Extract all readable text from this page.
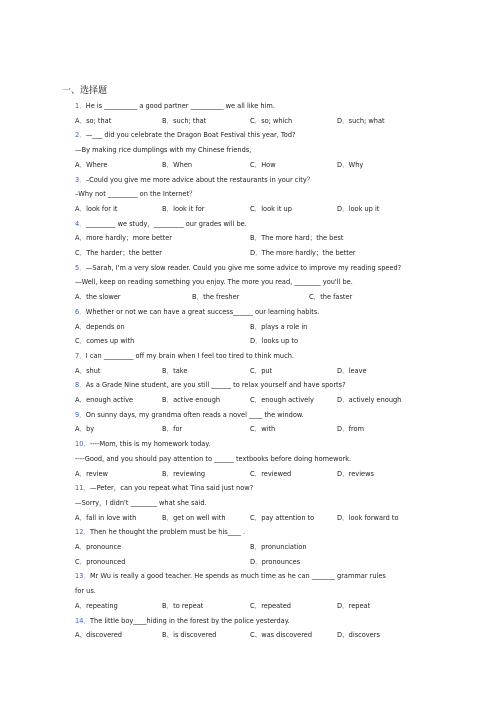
一、选择题
1．He is __________ a good partner __________ we all like him.
A．so; that	B．such; that	C．so; which	D．such; what
2．—___ did you celebrate the Dragon Boat Festival this year, Tod?
—By making rice dumplings with my Chinese friends,
A．Where	B．When	C．How	D．Why
3．–Could you give me more advice about the restaurants in your city？
–Why not _________ on the Internet？
A．look for it	B．look it for	C．look it up	D．look up it
4．_________ we study，_________ our grades will be.
A．more hardly；more better	B．The more hard；the best
C．The harder；the better	D．The more hardly；the better
5．—Sarah, I'm a very slow reader. Could you give me some advice to improve my reading speed?
—Well, keep on reading something you enjoy. The more you read, ________ you'll be.
A．the slower	B．the fresher	C．the faster
6．Whether or not we can have a great success______ our learning habits.
A．depends on	B．plays a role in
C．comes up with	D．looks up to
7．I can _________ off my brain when I feel too tired to think much.
A．shut	B．take	C．put	D．leave
8．As a Grade Nine student, are you still ______ to relax yourself and have sports?
A．enough active	B．active enough	C．enough actively	D．actively enough
9．On sunny days, my grandma often reads a novel ____ the window.
A．by	B．for	C．with	D．from
10．----Mom, this is my homework today.
----Good, and you should pay attention to ______ textbooks before doing homework.
A．review	B．reviewing	C．reviewed	D．reviews
11．—Peter，can you repeat what Tina said just now?
—Sorry，I didn't ________ what she said.
A．fall in love with	B．get on well with	C．pay attention to	D．look forward to
12．Then he thought the problem must be his____ .
A．pronounce	B．pronunciation
C．pronounced	D．pronounces
13．Mr Wu is really a good teacher. He spends as much time as he can _______ grammar rules
for us.
A．repeating	B．to repeat	C．repeated	D．repeat
14．The little boy____hiding in the forest by the police yesterday.
A、discovered	B、is discovered	C、was discovered	D、discovers
